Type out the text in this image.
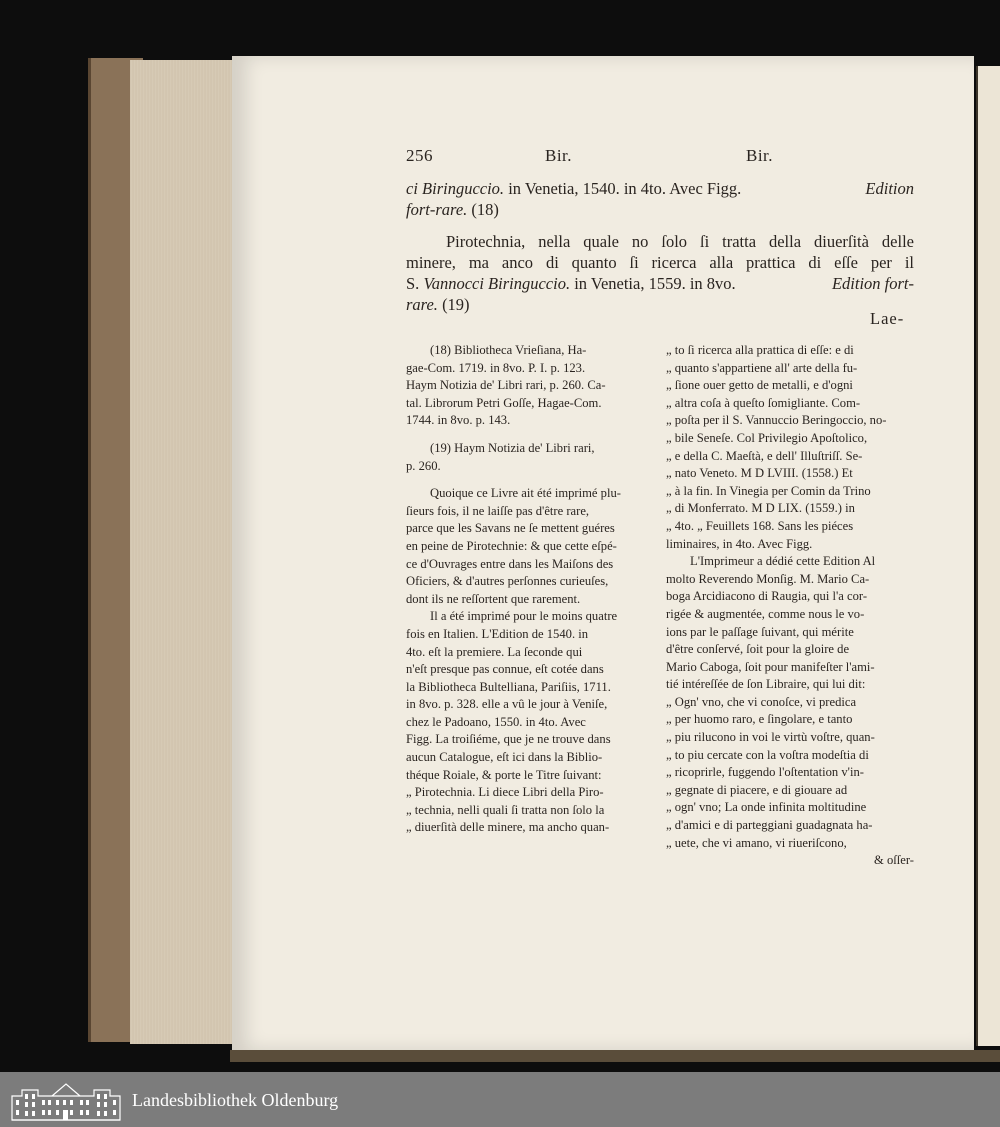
256	Bir.	Bir.
ci Biringuccio. in Venetia, 1540. in 4to. Avec Figg.	Edition
fort-rare. (18)
Pirotechnia, nella quale no ſolo ſi tratta della diuerſità delle
minere, ma anco di quanto ſi ricerca alla prattica di eſſe per il
S. Vannocci Biringuccio. in Venetia, 1559. in 8vo.	Edition fort-
rare. (19)
Lae-
(18) Bibliotheca Vrieſiana, Ha-
gae-Com. 1719. in 8vo. P. I. p. 123.
Haym Notizia de' Libri rari, p. 260. Ca-
tal. Librorum Petri Goſſe, Hagae-Com.
1744. in 8vo. p. 143.
(19) Haym Notizia de' Libri rari,
p. 260.
Quoique ce Livre ait été imprimé plu-
ſieurs fois, il ne laiſſe pas d'être rare,
parce que les Savans ne ſe mettent guéres
en peine de Pirotechnie: & que cette eſpé-
ce d'Ouvrages entre dans les Maiſons des
Oficiers, & d'autres perſonnes curieuſes,
dont ils ne reſſortent que rarement.
Il a été imprimé pour le moins quatre
fois en Italien. L'Edition de 1540. in
4to. eſt la premiere. La ſeconde qui
n'eſt presque pas connue, eſt cotée dans
la Bibliotheca Bultelliana, Pariſiis, 1711.
in 8vo. p. 328. elle a vû le jour à Veniſe,
chez le Padoano, 1550. in 4to. Avec
Figg. La troiſiéme, que je ne trouve dans
aucun Catalogue, eſt ici dans la Biblio-
théque Roiale, & porte le Titre ſuivant:
„ Pirotechnia. Li diece Libri della Piro-
„ technia, nelli quali ſi tratta non ſolo la
„ diuerſità delle minere, ma ancho quan-
„ to ſi ricerca alla prattica di eſſe: e di
„ quanto s'appartiene all' arte della fu-
„ ſione ouer getto de metalli, e d'ogni
„ altra coſa à queſto ſomigliante. Com-
„ poſta per il S. Vannuccio Beringoccio, no-
„ bile Seneſe. Col Privilegio Apoſtolico,
„ e della C. Maeſtà, e dell' Illuſtriſſ. Se-
„ nato Veneto. M D LVIII. (1558.) Et
„ à la fin. In Vinegia per Comin da Trino
„ di Monferrato. M D LIX. (1559.) in
„ 4to. „ Feuillets 168. Sans les piéces
liminaires, in 4to. Avec Figg.
L'Imprimeur a dédié cette Edition Al
molto Reverendo Monſig. M. Mario Ca-
boga Arcidiacono di Raugia, qui l'a cor-
rigée & augmentée, comme nous le vo-
ions par le paſſage ſuivant, qui mérite
d'être conſervé, ſoit pour la gloire de
Mario Caboga, ſoit pour manifeſter l'ami-
tié intéreſſée de ſon Libraire, qui lui dit:
„ Ogn' vno, che vi conoſce, vi predica
„ per huomo raro, e ſingolare, e tanto
„ piu rilucono in voi le virtù voſtre, quan-
„ to piu cercate con la voſtra modeſtia di
„ ricoprirle, fuggendo l'oſtentation v'in-
„ gegnate di piacere, e di giouare ad
„ ogn' vno; La onde infinita moltitudine
„ d'amici e di parteggiani guadagnata ha-
„ uete, che vi amano, vi riueriſcono,
& oſſer-
Landesbibliothek Oldenburg
